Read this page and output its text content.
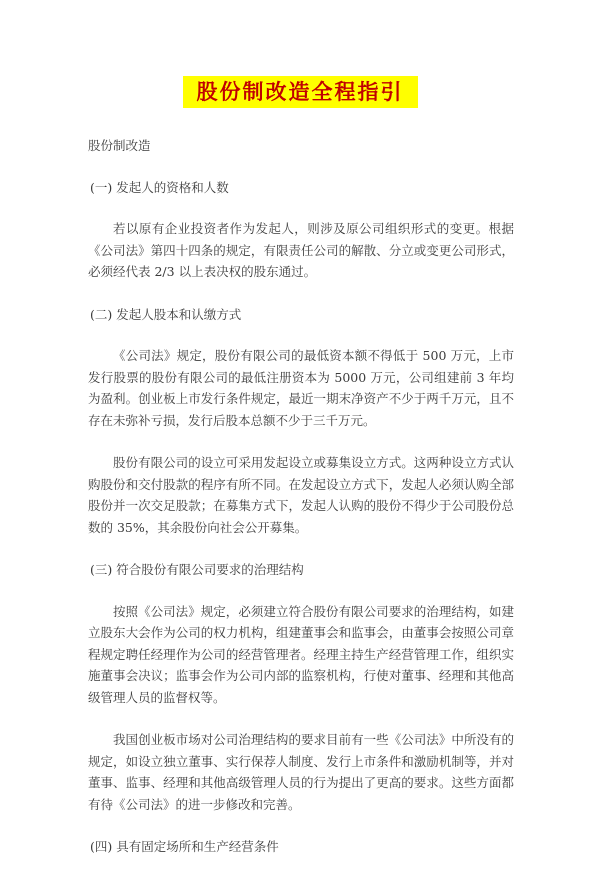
股份制改造全程指引

股份制改造

(一) 发起人的资格和人数

若以原有企业投资者作为发起人，则涉及原公司组织形式的变更。根据《公司法》第四十四条的规定，有限责任公司的解散、分立或变更公司形式，必须经代表 2/3 以上表决权的股东通过。

(二) 发起人股本和认缴方式

《公司法》规定，股份有限公司的最低资本额不得低于 500 万元，上市发行股票的股份有限公司的最低注册资本为 5000 万元，公司组建前 3 年均为盈利。创业板上市发行条件规定，最近一期末净资产不少于两千万元，且不存在未弥补亏损，发行后股本总额不少于三千万元。

股份有限公司的设立可采用发起设立或募集设立方式。这两种设立方式认购股份和交付股款的程序有所不同。在发起设立方式下，发起人必须认购全部股份并一次交足股款；在募集方式下，发起人认购的股份不得少于公司股份总数的 35%，其余股份向社会公开募集。

(三) 符合股份有限公司要求的治理结构

按照《公司法》规定，必须建立符合股份有限公司要求的治理结构，如建立股东大会作为公司的权力机构，组建董事会和监事会，由董事会按照公司章程规定聘任经理作为公司的经营管理者。经理主持生产经营管理工作，组织实施董事会决议；监事会作为公司内部的监察机构，行使对董事、经理和其他高级管理人员的监督权等。

我国创业板市场对公司治理结构的要求目前有一些《公司法》中所没有的规定，如设立独立董事、实行保荐人制度、发行上市条件和激励机制等，并对董事、监事、经理和其他高级管理人员的行为提出了更高的要求。这些方面都有待《公司法》的进一步修改和完善。

(四) 具有固定场所和生产经营条件
